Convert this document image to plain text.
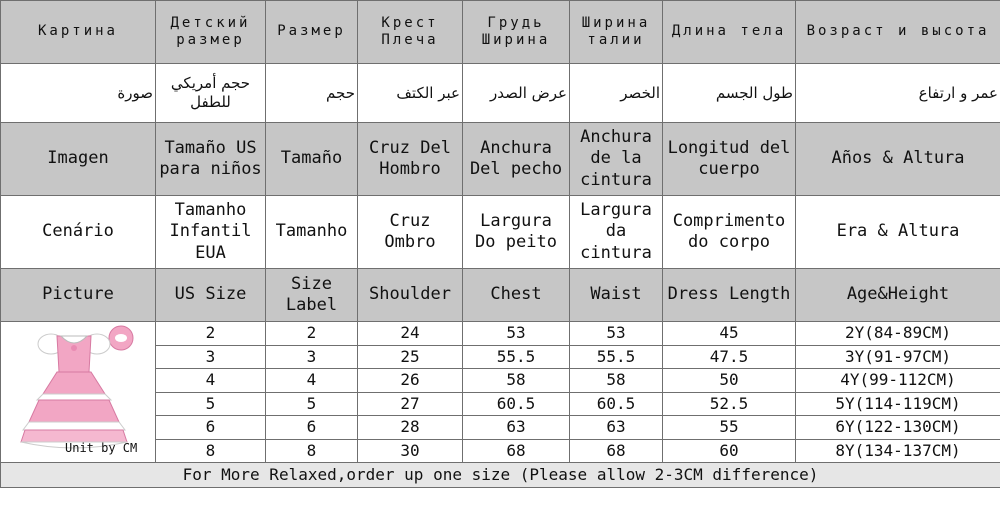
Картина	Детский размер	Размер	Крест Плеча	Грудь Ширина	Ширина талии	Длина тела	Возраст и высота
صورة	حجم أمريكي للطفل	حجم	عبر الكتف	عرض الصدر	الخصر	طول الجسم	عمر و ارتفاع
Imagen	Tamaño US para niños	Tamaño	Cruz Del Hombro	Anchura Del pecho	Anchura de la cintura	Longitud del cuerpo	Años & Altura
Cenário	Tamanho Infantil EUA	Tamanho	Cruz Ombro	Largura Do peito	Largura da cintura	Comprimento do corpo	Era & Altura
Picture	US Size	Size Label	Shoulder	Chest	Waist	Dress Length	Age&Height

Unit by CM	2	2	24	53	53	45	2Y(84-89CM)
	3	3	25	55.5	55.5	47.5	3Y(91-97CM)
	4	4	26	58	58	50	4Y(99-112CM)
	5	5	27	60.5	60.5	52.5	5Y(114-119CM)
	6	6	28	63	63	55	6Y(122-130CM)
	8	8	30	68	68	60	8Y(134-137CM)
For More Relaxed,order up one size (Please allow 2-3CM difference)							
